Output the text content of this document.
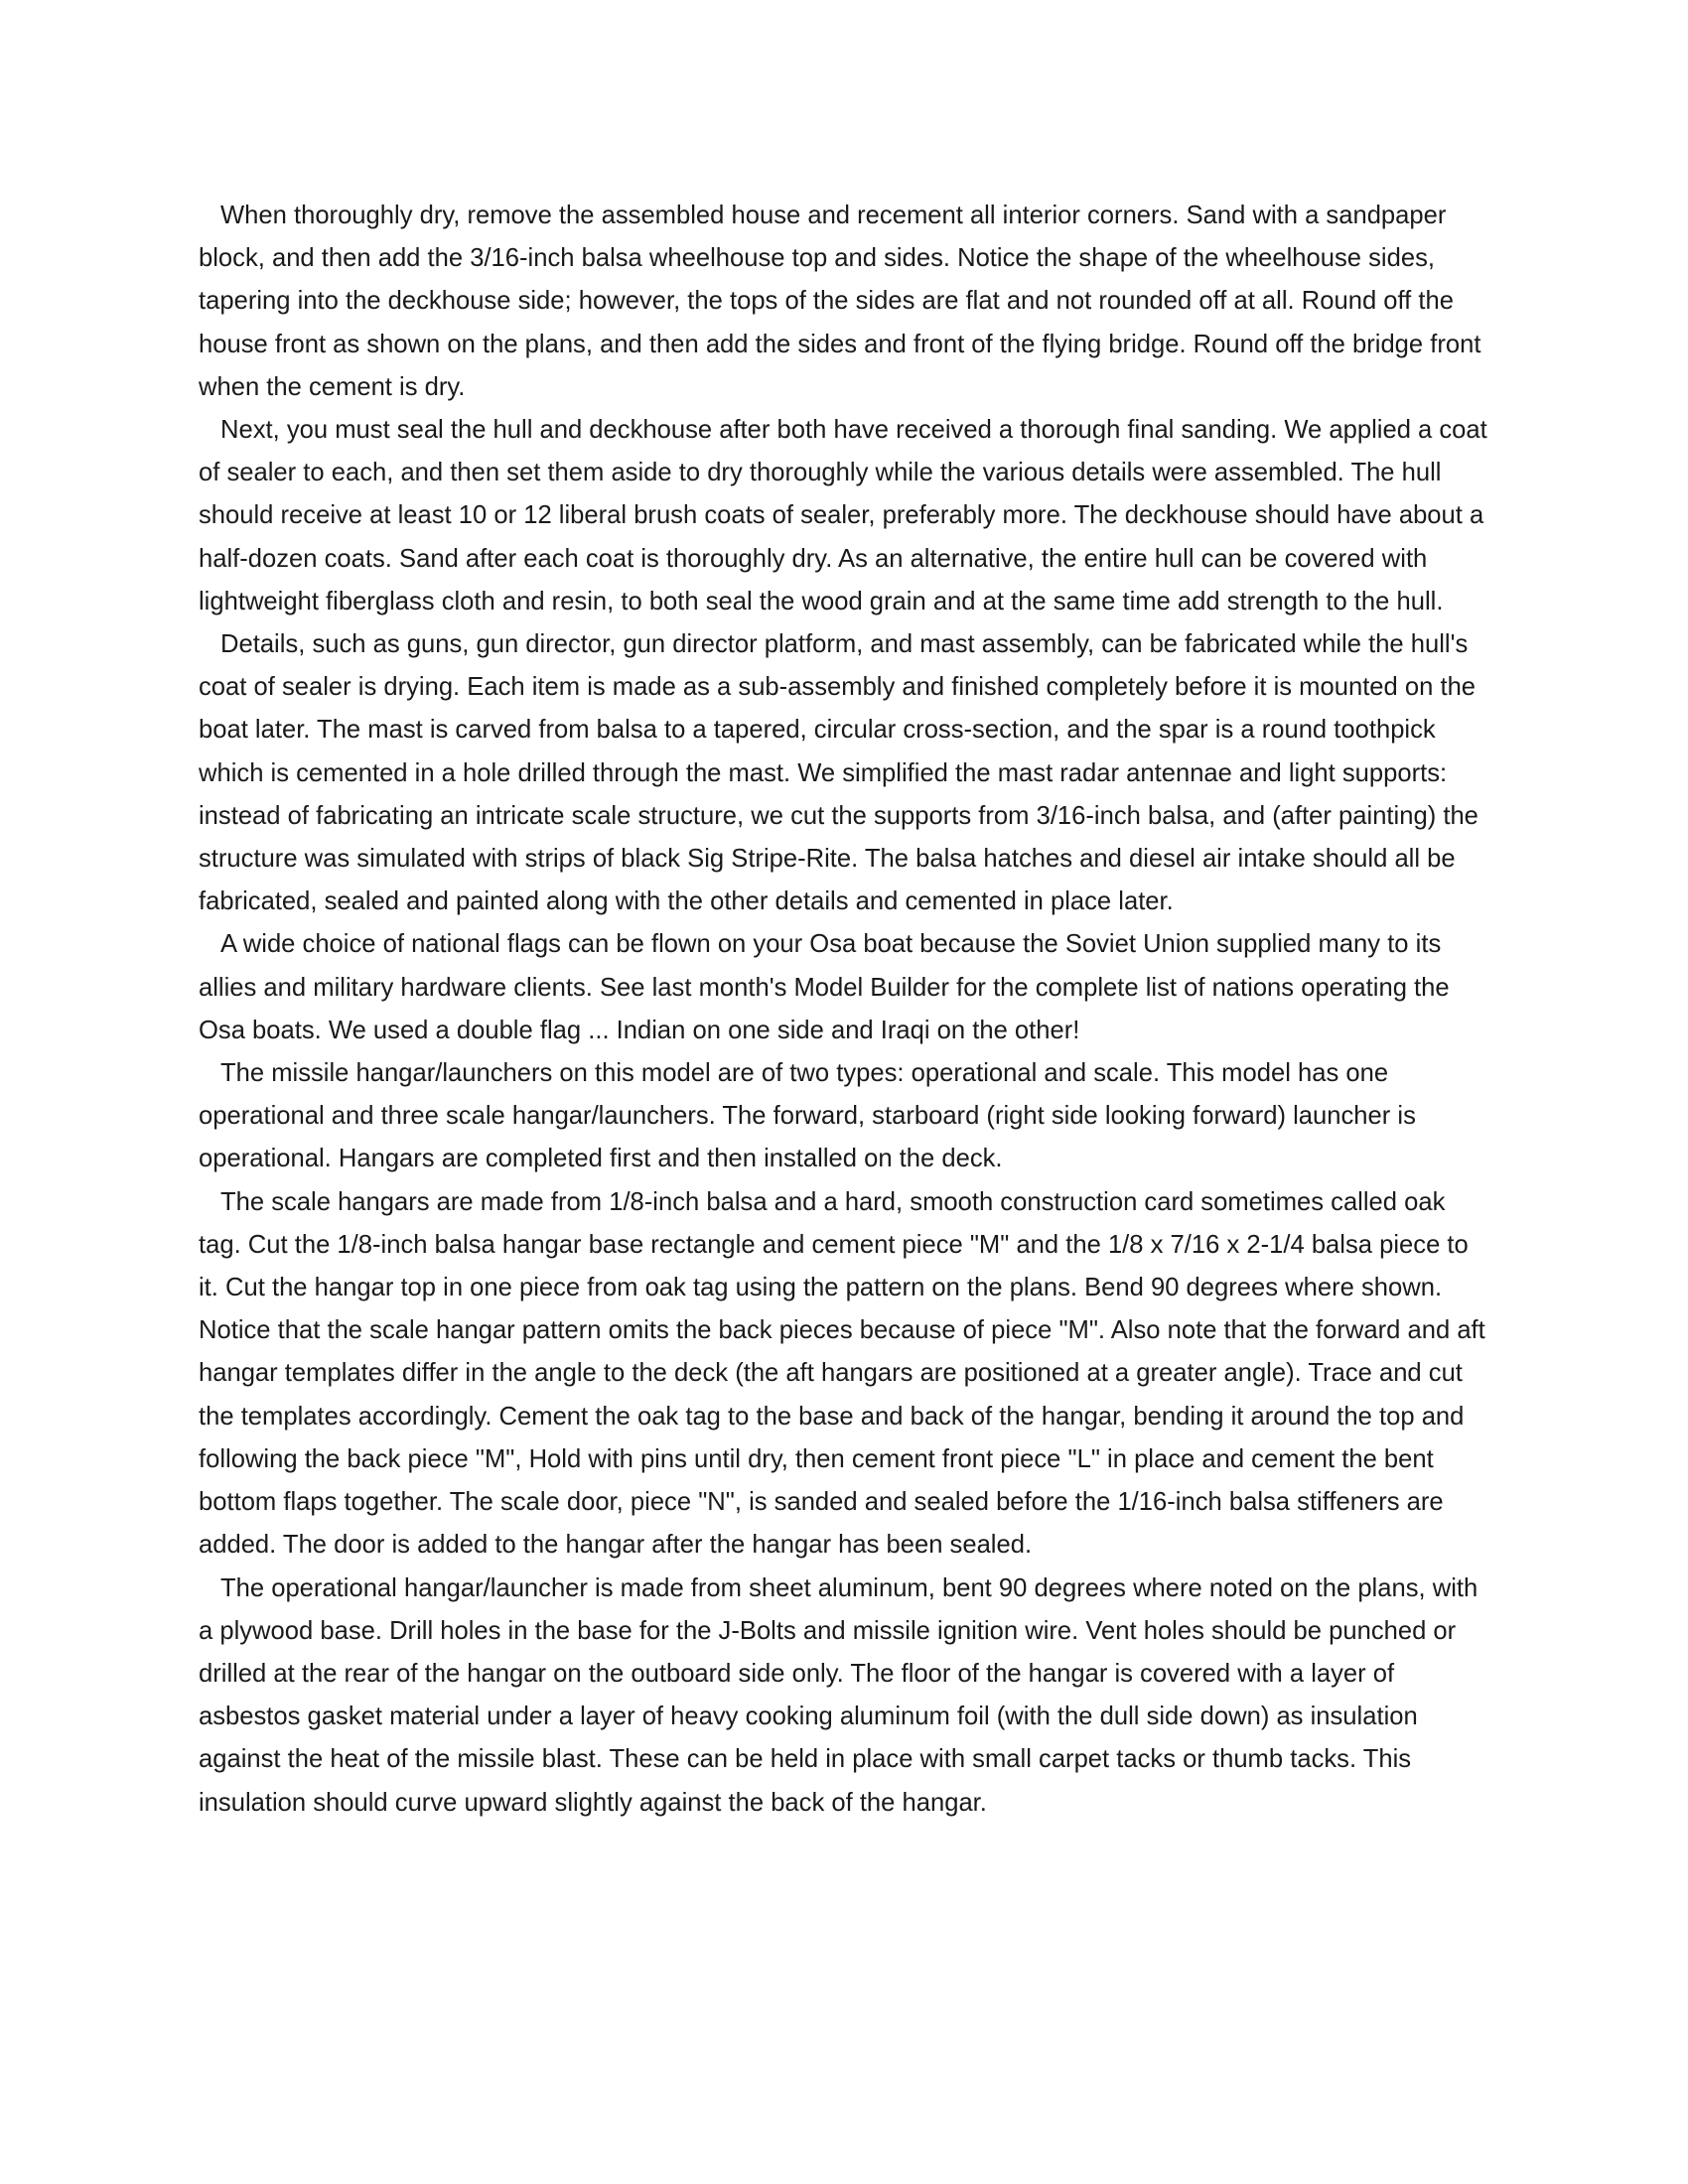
When thoroughly dry, remove the assembled house and recement all interior corners. Sand with a sandpaper block, and then add the 3/16-inch balsa wheelhouse top and sides. Notice the shape of the wheelhouse sides, tapering into the deckhouse side; however, the tops of the sides are flat and not rounded off at all. Round off the house front as shown on the plans, and then add the sides and front of the flying bridge. Round off the bridge front when the cement is dry.

Next, you must seal the hull and deckhouse after both have received a thorough final sanding. We applied a coat of sealer to each, and then set them aside to dry thoroughly while the various details were assembled. The hull should receive at least 10 or 12 liberal brush coats of sealer, preferably more. The deckhouse should have about a half-dozen coats. Sand after each coat is thoroughly dry. As an alternative, the entire hull can be covered with lightweight fiberglass cloth and resin, to both seal the wood grain and at the same time add strength to the hull.

Details, such as guns, gun director, gun director platform, and mast assembly, can be fabricated while the hull's coat of sealer is drying. Each item is made as a sub-assembly and finished completely before it is mounted on the boat later. The mast is carved from balsa to a tapered, circular cross-section, and the spar is a round toothpick which is cemented in a hole drilled through the mast. We simplified the mast radar antennae and light supports: instead of fabricating an intricate scale structure, we cut the supports from 3/16-inch balsa, and (after painting) the structure was simulated with strips of black Sig Stripe-Rite. The balsa hatches and diesel air intake should all be fabricated, sealed and painted along with the other details and cemented in place later.

A wide choice of national flags can be flown on your Osa boat because the Soviet Union supplied many to its allies and military hardware clients. See last month's Model Builder for the complete list of nations operating the Osa boats. We used a double flag ... Indian on one side and Iraqi on the other!

The missile hangar/launchers on this model are of two types: operational and scale. This model has one operational and three scale hangar/launchers. The forward, starboard (right side looking forward) launcher is operational. Hangars are completed first and then installed on the deck.

The scale hangars are made from 1/8-inch balsa and a hard, smooth construction card sometimes called oak tag. Cut the 1/8-inch balsa hangar base rectangle and cement piece "M" and the 1/8 x 7/16 x 2-1/4 balsa piece to it. Cut the hangar top in one piece from oak tag using the pattern on the plans. Bend 90 degrees where shown. Notice that the scale hangar pattern omits the back pieces because of piece "M". Also note that the forward and aft hangar templates differ in the angle to the deck (the aft hangars are positioned at a greater angle). Trace and cut the templates accordingly. Cement the oak tag to the base and back of the hangar, bending it around the top and following the back piece "M", Hold with pins until dry, then cement front piece "L" in place and cement the bent bottom flaps together. The scale door, piece "N", is sanded and sealed before the 1/16-inch balsa stiffeners are added. The door is added to the hangar after the hangar has been sealed.

The operational hangar/launcher is made from sheet aluminum, bent 90 degrees where noted on the plans, with a plywood base. Drill holes in the base for the J-Bolts and missile ignition wire. Vent holes should be punched or drilled at the rear of the hangar on the outboard side only. The floor of the hangar is covered with a layer of asbestos gasket material under a layer of heavy cooking aluminum foil (with the dull side down) as insulation against the heat of the missile blast. These can be held in place with small carpet tacks or thumb tacks. This insulation should curve upward slightly against the back of the hangar.
